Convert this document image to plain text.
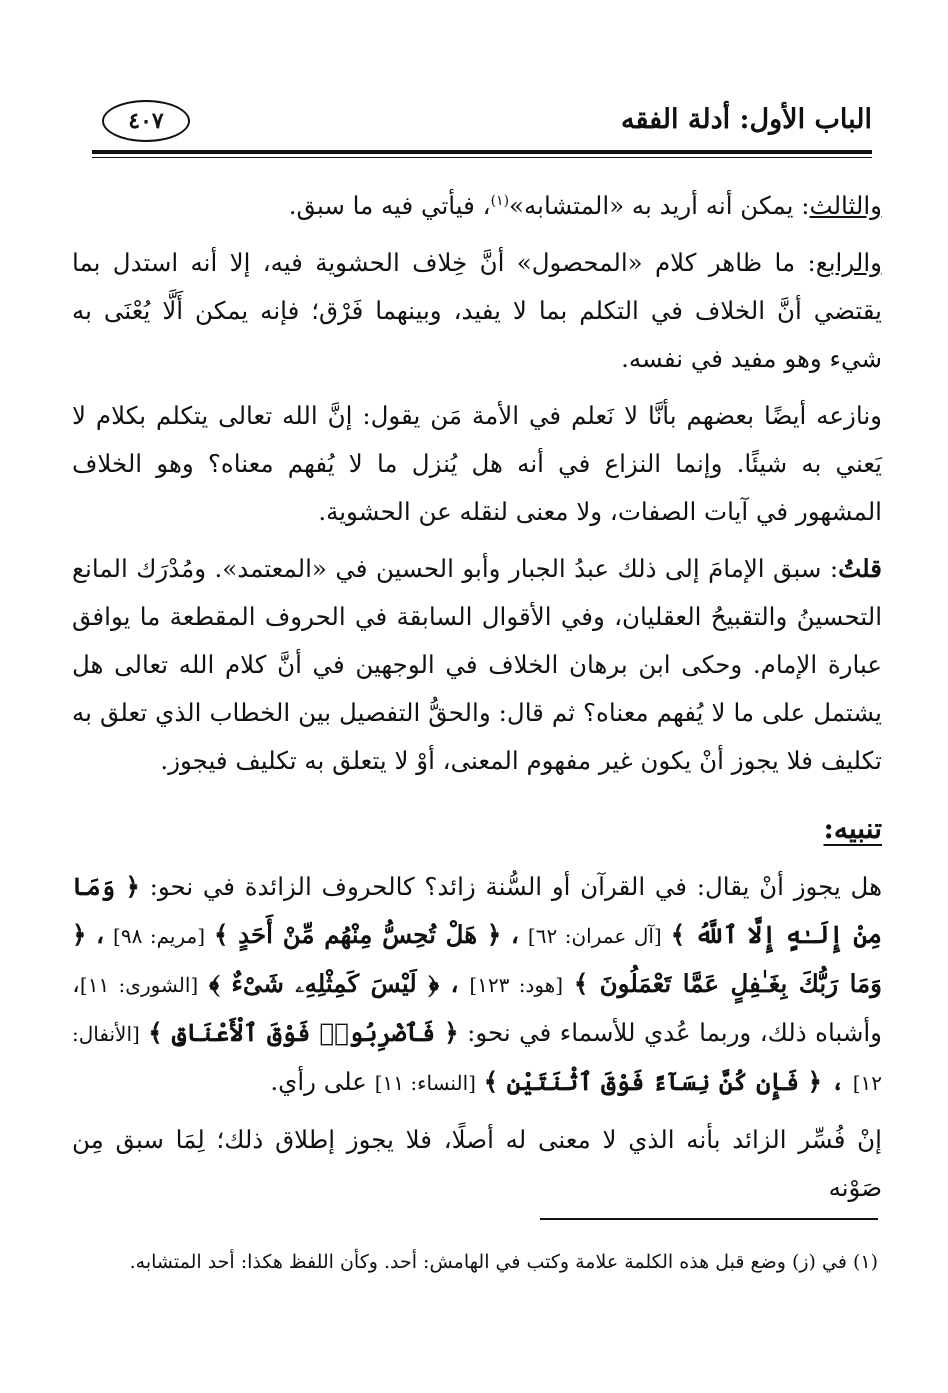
الباب الأول: أدلة الفقه
٤٠٧

والثالث: يمكن أنه أريد به «المتشابه»$^{(١)}$، فيأتي فيه ما سبق.

والرابع: ما ظاهر كلام «المحصول» أنَّ خِلاف الحشوية فيه، إلا أنه استدل بما يقتضي أنَّ الخلاف في التكلم بما لا يفيد، وبينهما فَرْق؛ فإنه يمكن أَلَّا يُعْنَى به شيء وهو مفيد في نفسه.

ونازعه أيضًا بعضهم بأنَّا لا نَعلم في الأمة مَن يقول: إنَّ الله تعالى يتكلم بكلام لا يَعني به شيئًا. وإنما النزاع في أنه هل يُنزل ما لا يُفهم معناه؟ وهو الخلاف المشهور في آيات الصفات، ولا معنى لنقله عن الحشوية.

قلتُ: سبق الإمامَ إلى ذلك عبدُ الجبار وأبو الحسين في «المعتمد». ومُدْرَك المانع التحسينُ والتقبيحُ العقليان، وفي الأقوال السابقة في الحروف المقطعة ما يوافق عبارة الإمام. وحكى ابن برهان الخلاف في الوجهين في أنَّ كلام الله تعالى هل يشتمل على ما لا يُفهم معناه؟ ثم قال: والحقُّ التفصيل بين الخطاب الذي تعلق به تكليف فلا يجوز أنْ يكون غير مفهوم المعنى، أوْ لا يتعلق به تكليف فيجوز.

تنبيه:

هل يجوز أنْ يقال: في القرآن أو السُّنة زائد؟ كالحروف الزائدة في نحو: ﴿ وَمَا مِنْ إِلَـٰهٍ إِلَّا ٱللَّهُ ﴾ [آل عمران: ٦٢] ، ﴿ هَلْ تُحِسُّ مِنْهُم مِّنْ أَحَدٍ ﴾ [مريم: ٩٨] ، ﴿ وَمَا رَبُّكَ بِغَـٰفِلٍ عَمَّا تَعْمَلُونَ ﴾ [هود: ١٢٣] ، ﴿ لَيْسَ كَمِثْلِهِۦ شَىْءٌ ﴾ [الشورى: ١١]، وأشباه ذلك، وربما عُدي للأسماء في نحو: ﴿ فَٱضْرِبُوا۟ فَوْقَ ٱلْأَعْنَاقِ ﴾ [الأنفال: ١٢] ، ﴿ فَإِن كُنَّ نِسَآءً فَوْقَ ٱثْنَتَيْنِ ﴾ [النساء: ١١] على رأي.

إنْ فُسِّر الزائد بأنه الذي لا معنى له أصلًا، فلا يجوز إطلاق ذلك؛ لِمَا سبق مِن صَوْنه

(١) في (ز) وضع قبل هذه الكلمة علامة وكتب في الهامش: أحد. وكأن اللفظ هكذا: أحد المتشابه.
